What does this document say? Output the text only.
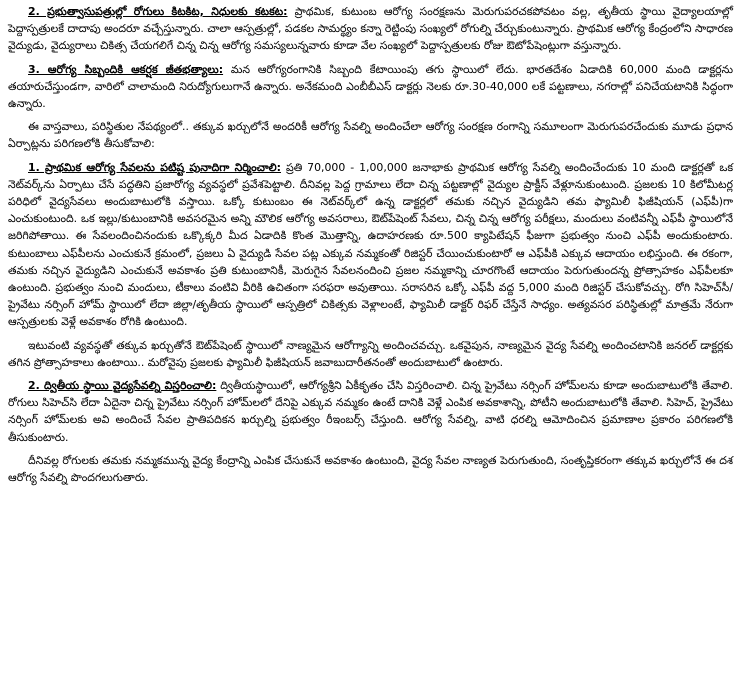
2. ప్రభుత్వాసుపత్రుల్లో రోగులు కిటకిట, నిధులకు కటకట: ప్రాథమిక, కుటుంబ ఆరోగ్య సంరక్షణను మెరుగుపరచకపోవటం వల్ల, తృతీయ స్థాయి వైద్యాలయాల్లో పెద్దాస్పత్రులకే దాదాపు అందరూ వచ్చేస్తున్నారు. చాలా ఆస్పత్రుల్లో, పడకల సామర్థ్యం కన్నా రెట్టింపు సంఖ్యలో రోగుల్ని చేర్చుకుంటున్నారు. ప్రాథమిక ఆరోగ్య కేంద్రంలోని సాధారణ వైద్యుడు, వైద్యురాలు చికిత్స చేయగలిగే చిన్న చిన్న ఆరోగ్య సమస్యలున్నవారు కూడా వేల సంఖ్యలో పెద్దాస్పత్రులకు రోజు ఔటోపేషెంట్లుగా వస్తున్నారు.

3. ఆరోగ్య సిబ్బందికి ఆకర్షక జీతభత్యాలు: మన ఆరోగ్యరంగానికి సిబ్బంది కేటాయింపు తగు స్థాయిలో లేదు. భారతదేశం ఏడాదికి 60,000 మంది డాక్టర్లను తయారుచేస్తుండగా, వారిలో చాలామంది నిరుద్యోగులుగానే ఉన్నారు. అనేకమంది ఎంబీబీఎస్ డాక్టర్లు నెలకు రూ.30-40,000 లకే పట్టణాలు, నగరాల్లో పనిచేయటానికి సిద్ధంగా ఉన్నారు.

ఈ వాస్తవాలు, పరిస్థితుల నేపథ్యంలో.. తక్కువ ఖర్చులోనే అందరికీ ఆరోగ్య సేవల్ని అందించేలా ఆరోగ్య సంరక్షణ రంగాన్ని సమూలంగా మెరుగుపరచేందుకు మూడు ప్రధాన ఏర్పాట్లను పరిగణలోకి తీసుకోవాలి:

1. ప్రాథమిక ఆరోగ్య సేవలను పటిష్ట పునాదిగా నిర్మించాలి: ప్రతి 70,000 - 1,00,000 జనాభాకు ప్రాథమిక ఆరోగ్య సేవల్ని అందించేందుకు 10 మంది డాక్టర్లతో ఒక నెట్‌వర్క్‌ను ఏర్పాటు చేసే పద్ధతిని ప్రజారోగ్య వ్యవస్థలో ప్రవేశపెట్టాలి. దీనివల్ల పెద్ద గ్రామాలు లేదా చిన్న పట్టణాల్లో వైద్యుల ప్రాక్టీస్ వేళ్లూనుకుంటుంది. ప్రజలకు 10 కిలోమీటర్ల పరిధిలో వైద్యసేవలు అందుబాటులోకి వస్తాయి. ఒక్కో కుటుంబం ఈ నెట్‌వర్క్‌లో ఉన్న డాక్టర్లలో తమకు నచ్చిన వైద్యుడిని తమ ఫ్యామిలీ ఫిజీషియన్ (ఎఫ్‌పీ)గా ఎంచుకుంటుంది. ఒక ఇల్లు/కుటుంబానికి అవసరమైన అన్ని మౌలిక ఆరోగ్య అవసరాలు, ఔట్‌పేషెంట్ సేవలు, చిన్న చిన్న ఆరోగ్య పరీక్షలు, మందులు వంటివన్నీ ఎఫ్‌పీ స్థాయిలోనే జరిగిపోతాయి. ఈ సేవలందించినందుకు ఒక్కొక్కరి మీద ఏడాదికి కొంత మొత్తాన్ని, ఉదాహరణకు రూ.500 క్యాపిటేషన్ ఫీజుగా ప్రభుత్వం నుంచి ఎఫ్‌పీ అందుకుంటారు. కుటుంబాలు ఎఫ్‌పీలను ఎంచుకునే క్రమంలో, ప్రజలు ఏ వైద్యుడి సేవల పట్ల ఎక్కువ నమ్మకంతో రిజిస్టర్ చేయించుకుంటారో ఆ ఎఫ్‌పీకి ఎక్కువ ఆదాయం లభిస్తుంది. ఈ రకంగా, తమకు నచ్చిన వైద్యుడిని ఎంచుకునే అవకాశం ప్రతి కుటుంబానికీ, మెరుగైన సేవలనందించి ప్రజల నమ్మకాన్ని చూరగొంటే ఆదాయం పెరుగుతుందన్న ప్రోత్సాహకం ఎఫ్‌పీలకూ ఉంటుంది. ప్రభుత్వం నుంచి మందులు, టీకాలు వంటివి వీరికి ఉచితంగా సరఫరా అవుతాయి. సరాసరిన ఒక్కో ఎఫ్‌పీ వద్ద 5,000 మంది రిజిస్టర్ చేసుకోవచ్చు. రోగి సిహెచ్‌సీ/ ప్రైవేటు నర్సింగ్ హోమ్ స్థాయిలో లేదా జిల్లా/తృతీయ స్థాయిలో ఆస్పత్రిలో చికిత్సకు వెళ్లాలంటే, ఫ్యామిలీ డాక్టర్ రిఫర్ చేస్తేనే సాధ్యం. అత్యవసర పరిస్థితుల్లో మాత్రమే నేరుగా ఆస్పత్రులకు వెళ్లే అవకాశం రోగికి ఉంటుంది.

ఇటువంటి వ్యవస్థతో తక్కువ ఖర్చుతోనే ఔట్‌పేషెంట్ స్థాయిలో నాణ్యమైన ఆరోగ్యాన్ని అందించవచ్చు. ఒకవైపున, నాణ్యమైన వైద్య సేవల్ని అందించటానికి జనరల్ డాక్టర్లకు తగిన ప్రోత్సాహకాలు ఉంటాయి.. మరోవైపు ప్రజలకు ఫ్యామిలీ ఫిజీషియన్ జవాబుదారీతనంతో అందుబాటులో ఉంటారు.

2. ద్వితీయ స్థాయి వైద్యసేవల్ని విస్తరించాలి: ద్వితీయస్థాయిలో, ఆరోగ్యశ్రీని ఏకీకృతం చేసి విస్తరించాలి. చిన్న ప్రైవేటు నర్సింగ్ హోమ్‌లను కూడా అందుబాటులోకి తేవాలి. రోగులు సిహెచ్‌సి లేదా ఏదైనా చిన్న ప్రైవేటు నర్సింగ్ హోమ్‌లలో దేనిపై ఎక్కువ నమ్మకం ఉంటే దానికి వెళ్లే ఎంపిక అవకాశాన్ని, పోటీని అందుబాటులోకి తేవాలి. సిహెచ్, ప్రైవేటు నర్సింగ్ హోమ్‌లకు అవి అందించే సేవల ప్రాతిపదికన ఖర్చుల్ని ప్రభుత్వం రీఇంబర్స్ చేస్తుంది. ఆరోగ్య సేవల్ని, వాటి ధరల్ని ఆమోదించిన ప్రమాణాల ప్రకారం పరిగణలోకి తీసుకుంటారు.

దీనివల్ల రోగులకు తమకు నమ్మకమున్న వైద్య కేంద్రాన్ని ఎంపిక చేసుకునే అవకాశం ఉంటుంది, వైద్య సేవల నాణ్యత పెరుగుతుంది, సంతృప్తికరంగా తక్కువ ఖర్చులోనే ఈ దశ ఆరోగ్య సేవల్ని పొందగలుగుతారు.
